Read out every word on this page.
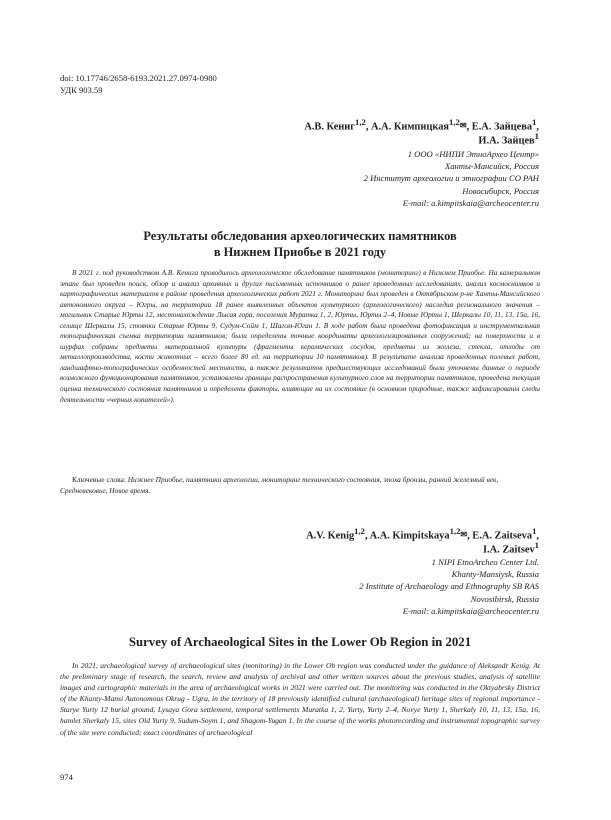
doi: 10.17746/2658-6193.2021.27.0974-0980
УДК 903.59
А.В. Кениг$^{1,2}$, А.А. Кимпицкая$^{1,2}$✉, Е.А. Зайцева$^1$,
И.А. Зайцев$^1$
1 ООО «НИПИ ЭтноАрхео Центр»
Ханты-Мансийск, Россия
2 Институт археологии и этнографии СО РАН
Новосибирск, Россия
E-mail: a.kimpitskaia@archeocenter.ru
Результаты обследования археологических памятников
в Нижнем Приобье в 2021 году
В 2021 г. под руководством А.В. Кенига проводилось археологическое обследование памятников (мониторинг) в Нижнем Приобье. На камеральном этапе был проведен поиск, обзор и анализ архивных и других письменных источников о ранее проведенных исследованиях, анализ космоснимков и картографических материалов в районе проведения археологических работ 2021 г. Мониторинг был проведен в Октябрьском р-не Ханты-Мансийского автономного округа – Югры, на территории 18 ранее выявленных объектов культурного (археологического) наследия регионального значения – могильник Старые Юрты 12, местонахождение Лысая гора, поселения Муратка 1, 2, Юрты, Юрты 2–4, Новые Юрты 1, Шеркалы 10, 11, 13, 15а, 16, селище Шеркалы 15, стоянки Старые Юрты 9, Судум-Сойм 1, Шагом-Юган 1. В ходе работ была проведена фотофиксация и инструментальная топографическая съемка территории памятников; были определены точные координаты археологизированных сооружений; на поверхности и в шурфах собраны предметы материальной культуры (фрагменты керамических сосудов, предметы из железа, стекла, отходы от металлопроизводства, кости животных – всего более 80 ед. на территории 10 памятников). В результате анализа проведенных полевых работ, ландшафтно-топографических особенностей местности, а также результатов предшествующих исследований были уточнены данные о периоде возможного функционирования памятников, установлены границы распространения культурного слоя на территории памятников, проведена текущая оценка технического состояния памятников и определены факторы, влияющие на их состояние (в основном природные, также зафиксированы следы деятельности «черных копателей»).
Ключевые слова: Нижнее Приобье, памятники археологии, мониторинг технического состояния, эпоха бронзы, ранний железный век, Средневековье, Новое время.
A.V. Kenig$^{1,2}$, A.A. Kimpitskaya$^{1,2}$✉, E.A. Zaitseva$^1$,
I.A. Zaitsev$^1$
1 NIPI EtnoArcheo Center Ltd.
Khanty-Mansiysk, Russia
2 Institute of Archaeology and Ethnography SB RAS
Novosibirsk, Russia
E-mail: a.kimpitskaia@archeocenter.ru
Survey of Archaeological Sites in the Lower Ob Region in 2021
In 2021, archaeological survey of archaeological sites (monitoring) in the Lower Ob region was conducted under the guidance of Aleksandr Kenig. At the preliminary stage of research, the search, review and analysis of archival and other written sources about the previous studies, analysis of satellite images and cartographic materials in the area of archaeological works in 2021 were carried out. The monitoring was conducted in the Oktyabrsky District of the Khanty-Mansi Autonomous Okrug - Ugra, in the territory of 18 previously identified cultural (archaeological) heritage sites of regional importance - Starye Yurty 12 burial ground, Lysaya Gora settlement, temporal settlements Muratka 1, 2, Yurty, Yurty 2–4, Novye Yurty 1, Sherkaly 10, 11, 13, 15a, 16, hamlet Sherkaly 15, sites Old Yurty 9, Sudum-Soym 1, and Shagom-Yugan 1. In the course of the works photorecording and instrumental topographic survey of the site were conducted; exact coordinates of archaeological
974
